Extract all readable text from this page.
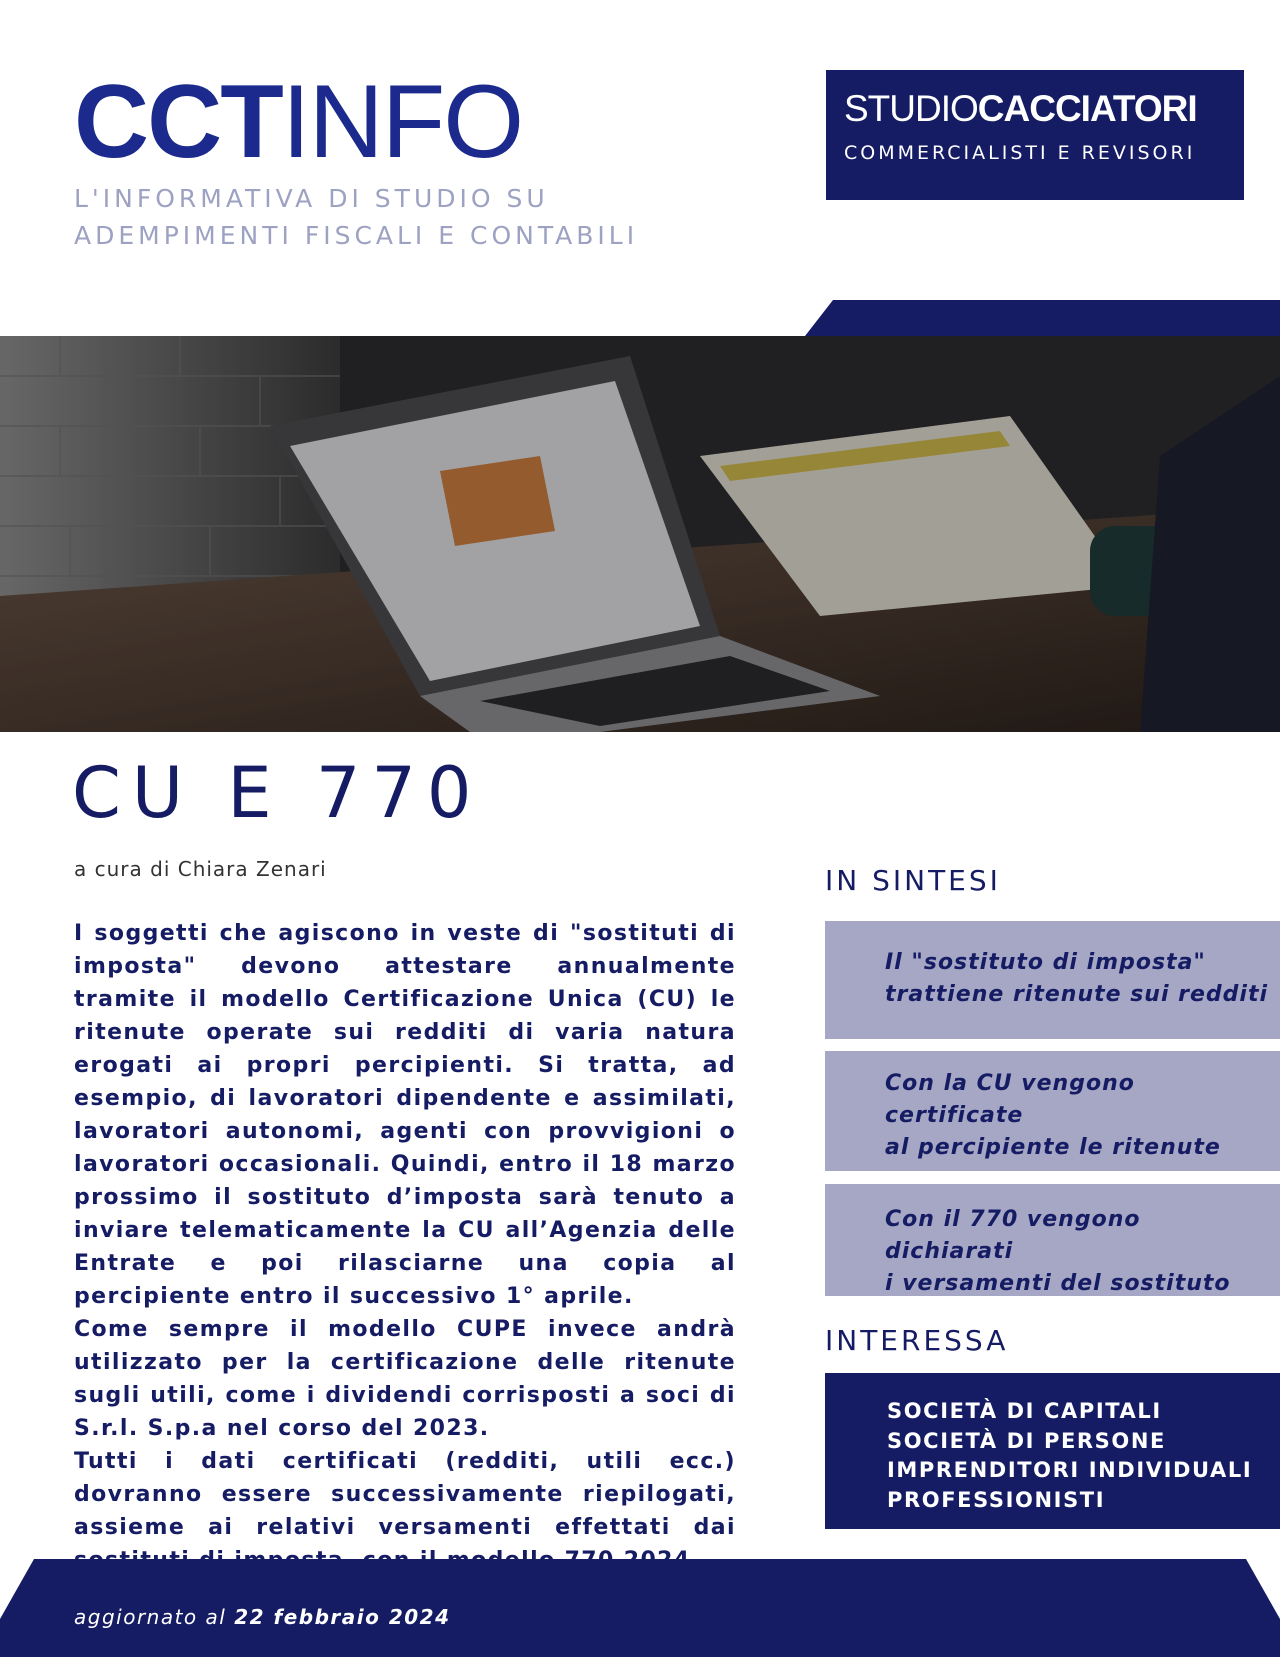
CCTINFO
L'INFORMATIVA DI STUDIO SU
ADEMPIMENTI FISCALI E CONTABILI
STUDIOCACCIATORI
COMMERCIALISTI E REVISORI
CU E 770
a cura di Chiara Zenari

I soggetti che agiscono in veste di "sostituti di imposta" devono attestare annualmente tramite il modello Certificazione Unica (CU) le ritenute operate sui redditi di varia natura erogati ai propri percipienti. Si tratta, ad esempio, di lavoratori dipendente e assimilati, lavoratori autonomi, agenti con provvigioni o lavoratori occasionali. Quindi, entro il 18 marzo prossimo il sostituto d’imposta sarà tenuto a inviare telematicamente la CU all’Agenzia delle Entrate e poi rilasciarne una copia al percipiente entro il successivo 1° aprile.

Come sempre il modello CUPE invece andrà utilizzato per la certificazione delle ritenute sugli utili, come i dividendi corrisposti a soci di S.r.l. S.p.a nel corso del 2023.

Tutti i dati certificati (redditi, utili ecc.) dovranno essere successivamente riepilogati, assieme ai relativi versamenti effettati dai

IN SINTESI
Il "sostituto di imposta"
trattiene ritenute sui redditi
Con la CU vengono certificate
al percipiente le ritenute
Con il 770 vengono dichiarati
i versamenti del sostituto
INTERESSA
SOCIETÀ DI CAPITALI
SOCIETÀ DI PERSONE
IMPRENDITORI INDIVIDUALI
PROFESSIONISTI
aggiornato al 22 febbraio 2024
